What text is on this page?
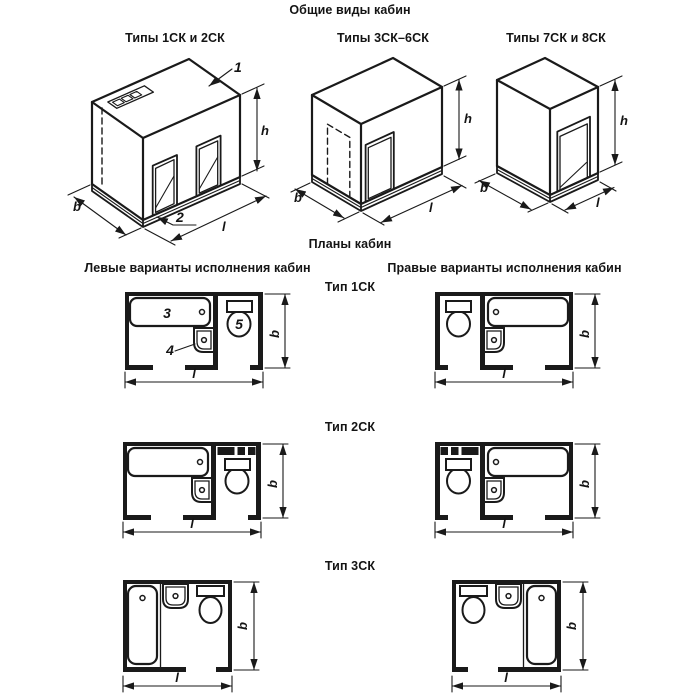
Общие виды кабин
Типы 1СК и 2СК	Типы 3СК–6СК	Типы 7СК и 8СК
Планы кабин
Левые варианты исполнения кабин	Правые варианты исполнения кабин
Тип 1СК
Тип 2СК
Тип 3СК
1
2
h
l
b
h
l
b
h
b
l
3
4
5
b
l
b
l
b
l
b
l
b
l
b
l
